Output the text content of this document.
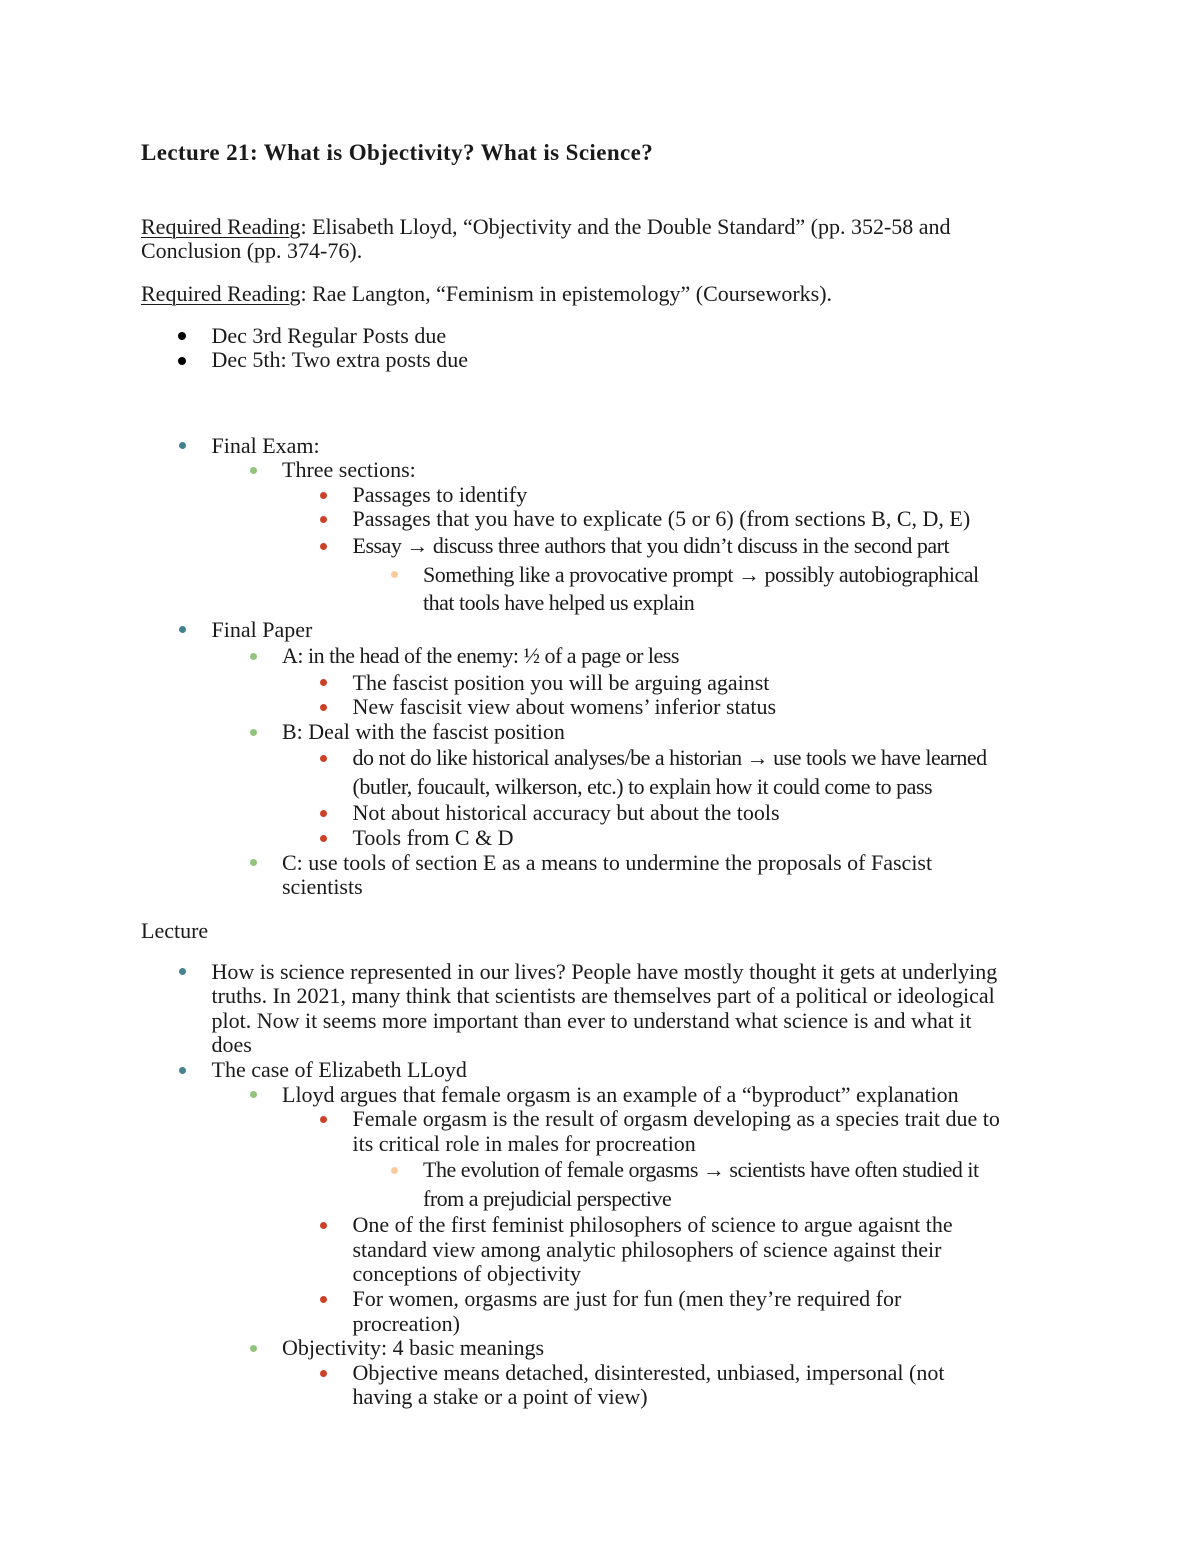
Lecture 21: What is Objectivity? What is Science?
Required Reading: Elisabeth Lloyd, “Objectivity and the Double Standard” (pp. 352-58 and
Conclusion (pp. 374-76).
Required Reading: Rae Langton, “Feminism in epistemology” (Courseworks).
Dec 3rd Regular Posts due
Dec 5th: Two extra posts due
Final Exam:
Three sections:
Passages to identify
Passages that you have to explicate (5 or 6) (from sections B, C, D, E)
Essay → discuss three authors that you didn’t discuss in the second part
Something like a provocative prompt → possibly autobiographical
that tools have helped us explain
Final Paper
A: in the head of the enemy: ½ of a page or less
The fascist position you will be arguing against
New fascisit view about womens’ inferior status
B: Deal with the fascist position
do not do like historical analyses/be a historian → use tools we have learned
(butler, foucault, wilkerson, etc.) to explain how it could come to pass
Not about historical accuracy but about the tools
Tools from C & D
C: use tools of section E as a means to undermine the proposals of Fascist
scientists
Lecture
How is science represented in our lives? People have mostly thought it gets at underlying
truths. In 2021, many think that scientists are themselves part of a political or ideological
plot. Now it seems more important than ever to understand what science is and what it
does
The case of Elizabeth LLoyd
Lloyd argues that female orgasm is an example of a “byproduct” explanation
Female orgasm is the result of orgasm developing as a species trait due to
its critical role in males for procreation
The evolution of female orgasms → scientists have often studied it
from a prejudicial perspective
One of the first feminist philosophers of science to argue agaisnt the
standard view among analytic philosophers of science against their
conceptions of objectivity
For women, orgasms are just for fun (men they’re required for
procreation)
Objectivity: 4 basic meanings
Objective means detached, disinterested, unbiased, impersonal (not
having a stake or a point of view)
